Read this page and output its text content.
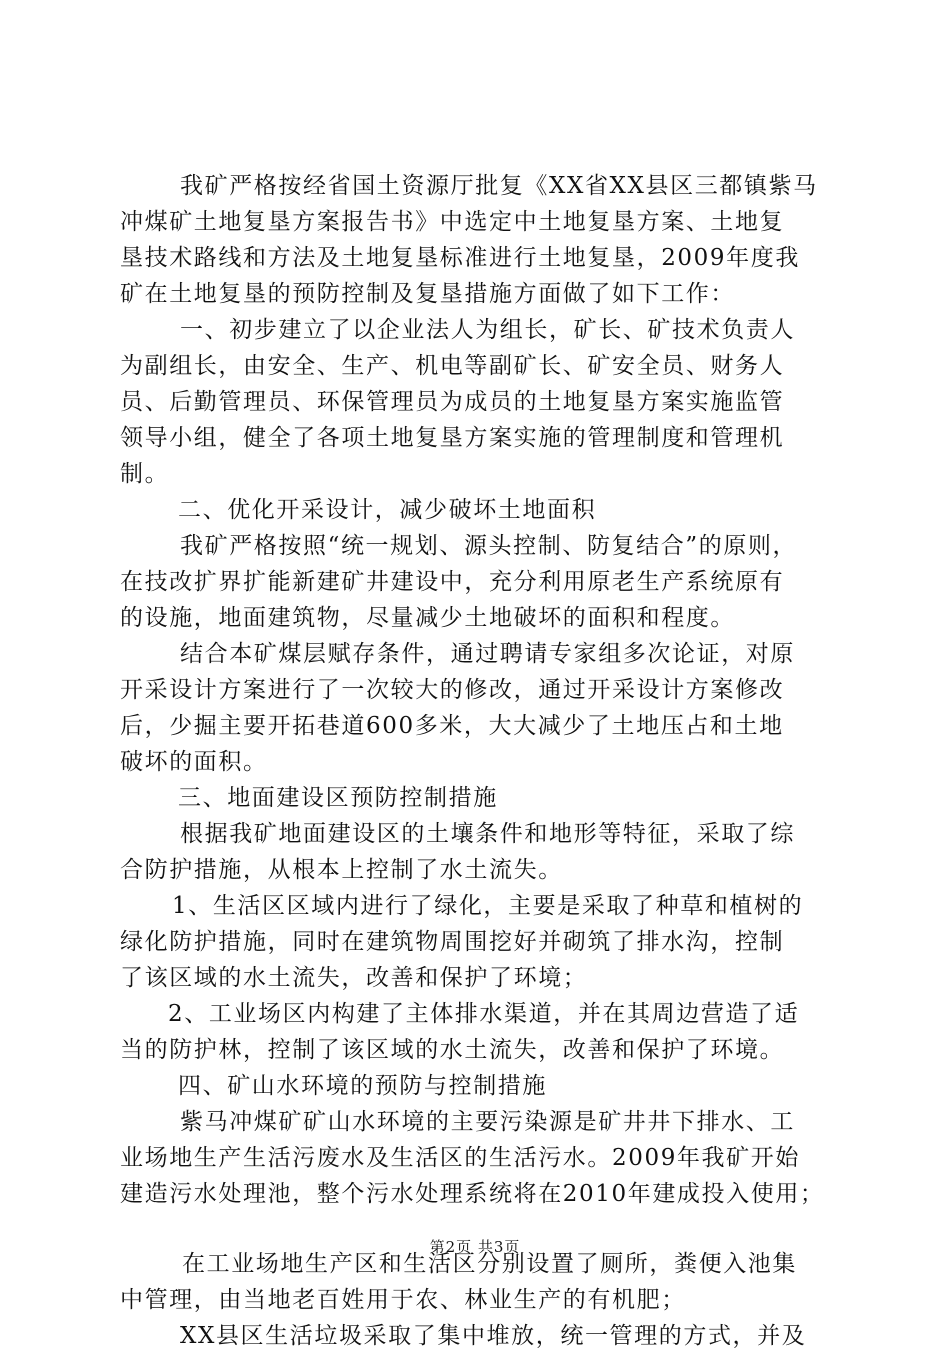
我矿严格按经省国土资源厅批复《XX省XX县区三都镇紫马
冲煤矿土地复垦方案报告书》中选定中土地复垦方案、土地复
垦技术路线和方法及土地复垦标准进行土地复垦，2009年度我
矿在土地复垦的预防控制及复垦措施方面做了如下工作：
一、初步建立了以企业法人为组长，矿长、矿技术负责人
为副组长，由安全、生产、机电等副矿长、矿安全员、财务人
员、后勤管理员、环保管理员为成员的土地复垦方案实施监管
领导小组，健全了各项土地复垦方案实施的管理制度和管理机
制。
二、优化开采设计，减少破坏土地面积
我矿严格按照“统一规划、源头控制、防复结合”的原则，
在技改扩界扩能新建矿井建设中，充分利用原老生产系统原有
的设施，地面建筑物，尽量减少土地破坏的面积和程度。
结合本矿煤层赋存条件，通过聘请专家组多次论证，对原
开采设计方案进行了一次较大的修改，通过开采设计方案修改
后，少掘主要开拓巷道600多米，大大减少了土地压占和土地
破坏的面积。
三、地面建设区预防控制措施
根据我矿地面建设区的土壤条件和地形等特征，采取了综
合防护措施，从根本上控制了水土流失。
1、生活区区域内进行了绿化，主要是采取了种草和植树的
绿化防护措施，同时在建筑物周围挖好并砌筑了排水沟，控制
了该区域的水土流失，改善和保护了环境；
2、工业场区内构建了主体排水渠道，并在其周边营造了适
当的防护林，控制了该区域的水土流失，改善和保护了环境。
四、矿山水环境的预防与控制措施
紫马冲煤矿矿山水环境的主要污染源是矿井井下排水、工
业场地生产生活污废水及生活区的生活污水。2009年我矿开始
建造污水处理池，整个污水处理系统将在2010年建成投入使用；
在工业场地生产区和生活区分别设置了厕所，粪便入池集
中管理，由当地老百姓用于农、林业生产的有机肥；
XX县区生活垃圾采取了集中堆放，统一管理的方式，并及
第2页 共3页
